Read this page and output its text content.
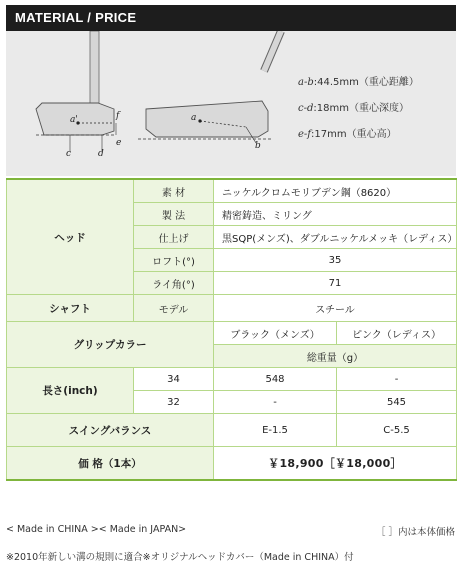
MATERIAL / PRICE
a'
c	d
e
f	a
b
a-b:44.5mm（重心距離）
c-d:18mm（重心深度）
e-f:17mm（重心高）
ヘッド	素 材	ニッケルクロムモリブデン鋼（8620）	
	製 法	精密鋳造、ミリング	
	仕上げ	黒SQP(メンズ)、ダブルニッケルメッキ（レディス）	
	ロフト(°)	35	
	ライ角(°)	71	
シャフト	モデル	スチール	
グリップカラー		ブラック（メンズ）	ピンク（レディス）
		総重量（g）	
長さ(inch)	34	548	-
	32	-	545
スイングバランス		E-1.5	C-5.5
価 格（1本）		￥18,900［￥18,000］	
< Made in CHINA >< Made in JAPAN>	［ ］内は本体価格
※2010年新しい溝の規則に適合※オリジナルヘッドカバー（Made in CHINA）付
